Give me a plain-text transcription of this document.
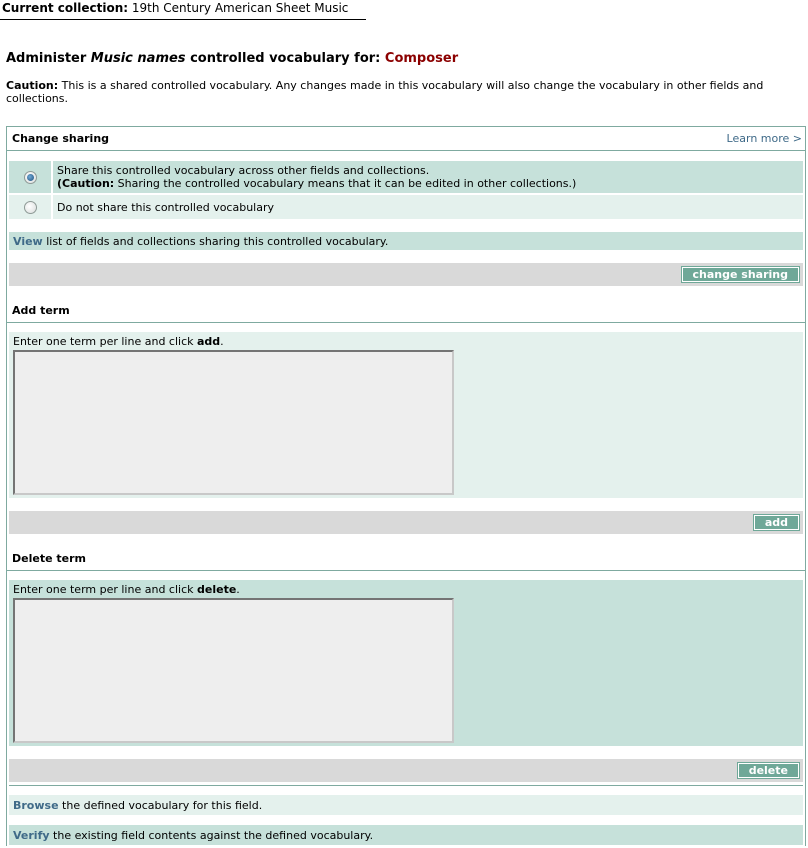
Current collection: 19th Century American Sheet Music
Administer Music names controlled vocabulary for: Composer
Caution: This is a shared controlled vocabulary. Any changes made in this vocabulary will also change the vocabulary in other fields and collections.
Change sharing	Learn more >
Share this controlled vocabulary across other fields and collections.
(Caution: Sharing the controlled vocabulary means that it can be edited in other collections.)
Do not share this controlled vocabulary
View list of fields and collections sharing this controlled vocabulary.
change sharing
Add term
Enter one term per line and click add.
add
Delete term
Enter one term per line and click delete.
delete
Browse the defined vocabulary for this field.
Verify the existing field contents against the defined vocabulary.
